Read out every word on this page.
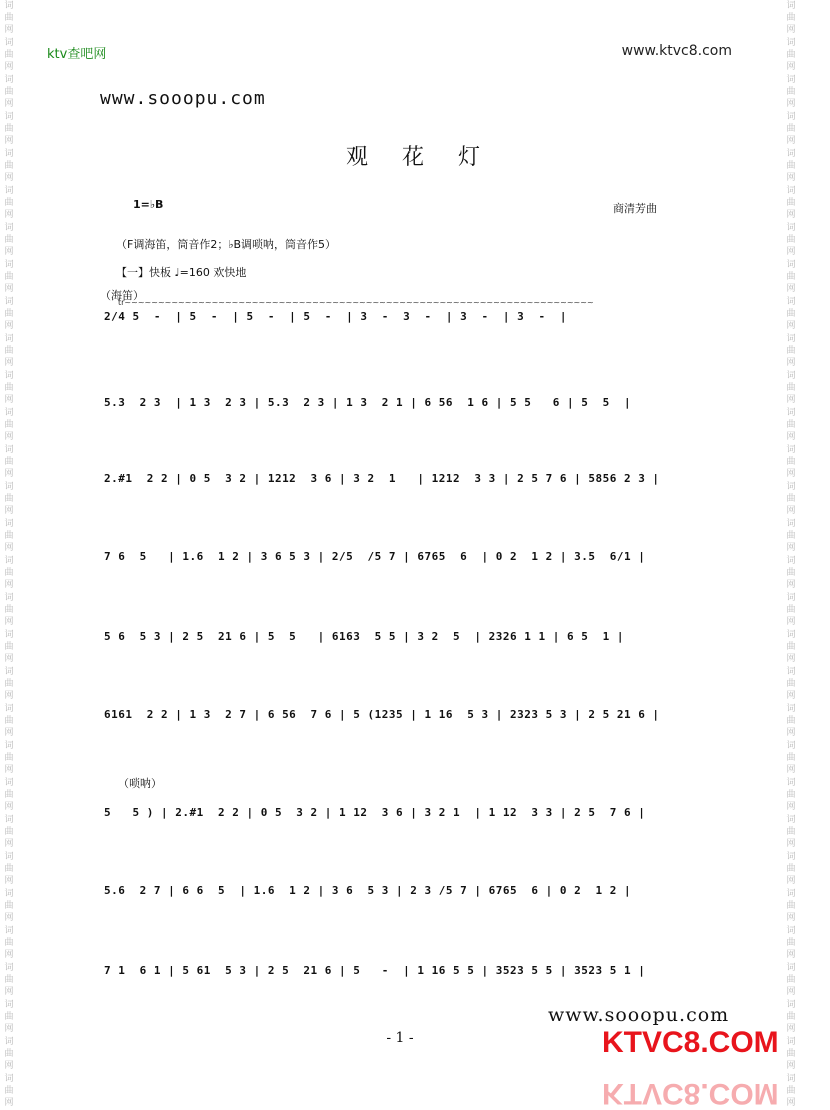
词
曲
网
词
曲
网
词
曲
网
词
曲
网
词
曲
网
词
曲
网
词
曲
网
词
曲
网
词
曲
网
词
曲
网
词
曲
网
词
曲
网
词
曲
网
词
曲
网
词
曲
网
词
曲
网
词
曲
网
词
曲
网
词
曲
网
词
曲
网
词
曲
网
词
曲
网
词
曲
网
词
曲
网
词
曲
网
词
曲
网
词
曲
网
词
曲
网
词
曲
网
词
曲
网
词
曲
网
词
曲
网
词
曲
网
词
曲
网
词
曲
网
词
曲
网
词
曲
网
词
曲
网
词
曲
网
词
曲
网
词
曲
网
词
曲
网
词
曲
网
词
曲
网
词
曲
网
词
曲
网
词
曲
网
词
曲
网
词
曲
网
词
曲
网
词
曲
网
词
曲
网
词
曲
网
词
曲
网
词
曲
网
词
曲
网
词
曲
网
词
曲
网
词
曲
网
词
曲
网
ktv查吧网	www.ktvc8.com
www.sooopu.com
观花灯
1=♭B	商清芳曲
（F调海笛，筒音作2；♭B调唢呐，筒音作5）
【一】快板 ♩=160 欢快地
（海笛）
（唢呐）
tr~~~~~~~~~~~~~~~~~~~~~~~~~~~~~~~~~~~~~~~~~~~~~~~~~~~~~~~~~~~~~~~~~~~~~~
2/4 5  -  | 5  -  | 5  -  | 5  -  | 3  -  3  -  | 3  -  | 3  -  |
5.3  2 3  | 1 3  2 3 | 5.3  2 3 | 1 3  2 1 | 6 56  1 6 | 5 5   6 | 5  5  |
2.#1  2 2 | 0 5  3 2 | 1212  3 6 | 3 2  1   | 1212  3 3 | 2 5 7 6 | 5856 2 3 |
7 6  5   | 1.6  1 2 | 3 6 5 3 | 2/5  /5 7 | 6765  6  | 0 2  1 2 | 3.5  6/1 |
5 6  5 3 | 2 5  21 6 | 5  5   | 6163  5 5 | 3 2  5  | 2326 1 1 | 6 5  1 |
6161  2 2 | 1 3  2 7 | 6 56  7 6 | 5 (1235 | 1 16  5 3 | 2323 5 3 | 2 5 21 6 |
5   5 ) | 2.#1  2 2 | 0 5  3 2 | 1 12  3 6 | 3 2 1  | 1 12  3 3 | 2 5  7 6 |
5.6  2 7 | 6 6  5  | 1.6  1 2 | 3 6  5 3 | 2 3 /5 7 | 6765  6 | 0 2  1 2 |
7 1  6 1 | 5 61  5 3 | 2 5  21 6 | 5   -  | 1 16 5 5 | 3523 5 5 | 3523 5 1 |
www.sooopu.com
- 1 -	KTVC8.COM
KTVC8.COM
